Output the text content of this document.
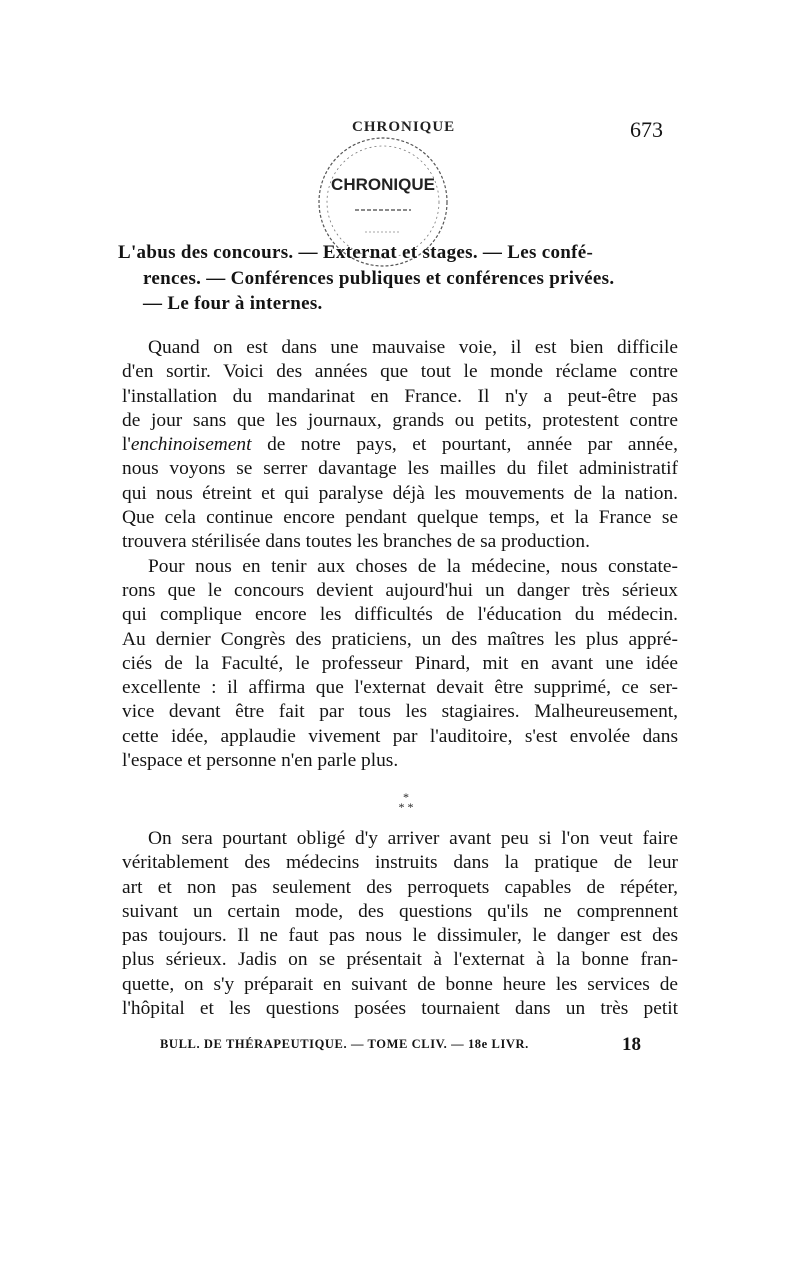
CHRONIQUE	673
CHRONIQUE
L'abus des concours. — Externat et stages. — Les confé-
rences. — Conférences publiques et conférences privées.
— Le four à internes.
Quand on est dans une mauvaise voie, il est bien difficile
d'en sortir. Voici des années que tout le monde réclame contre
l'installation du mandarinat en France. Il n'y a peut-être pas
de jour sans que les journaux, grands ou petits, protestent contre
l'enchinoisement de notre pays, et pourtant, année par année,
nous voyons se serrer davantage les mailles du filet administratif
qui nous étreint et qui paralyse déjà les mouvements de la nation.
Que cela continue encore pendant quelque temps, et la France se
trouvera stérilisée dans toutes les branches de sa production.
Pour nous en tenir aux choses de la médecine, nous constate-
rons que le concours devient aujourd'hui un danger très sérieux
qui complique encore les difficultés de l'éducation du médecin.
Au dernier Congrès des praticiens, un des maîtres les plus appré-
ciés de la Faculté, le professeur Pinard, mit en avant une idée
excellente : il affirma que l'externat devait être supprimé, ce ser-
vice devant être fait par tous les stagiaires. Malheureusement,
cette idée, applaudie vivement par l'auditoire, s'est envolée dans
l'espace et personne n'en parle plus.
*
* *
On sera pourtant obligé d'y arriver avant peu si l'on veut faire
véritablement des médecins instruits dans la pratique de leur
art et non pas seulement des perroquets capables de répéter,
suivant un certain mode, des questions qu'ils ne comprennent
pas toujours. Il ne faut pas nous le dissimuler, le danger est des
plus sérieux. Jadis on se présentait à l'externat à la bonne fran-
quette, on s'y préparait en suivant de bonne heure les services de
l'hôpital et les questions posées tournaient dans un très petit
BULL. DE THÉRAPEUTIQUE. — TOME CLIV. — 18e LIVR.	18
